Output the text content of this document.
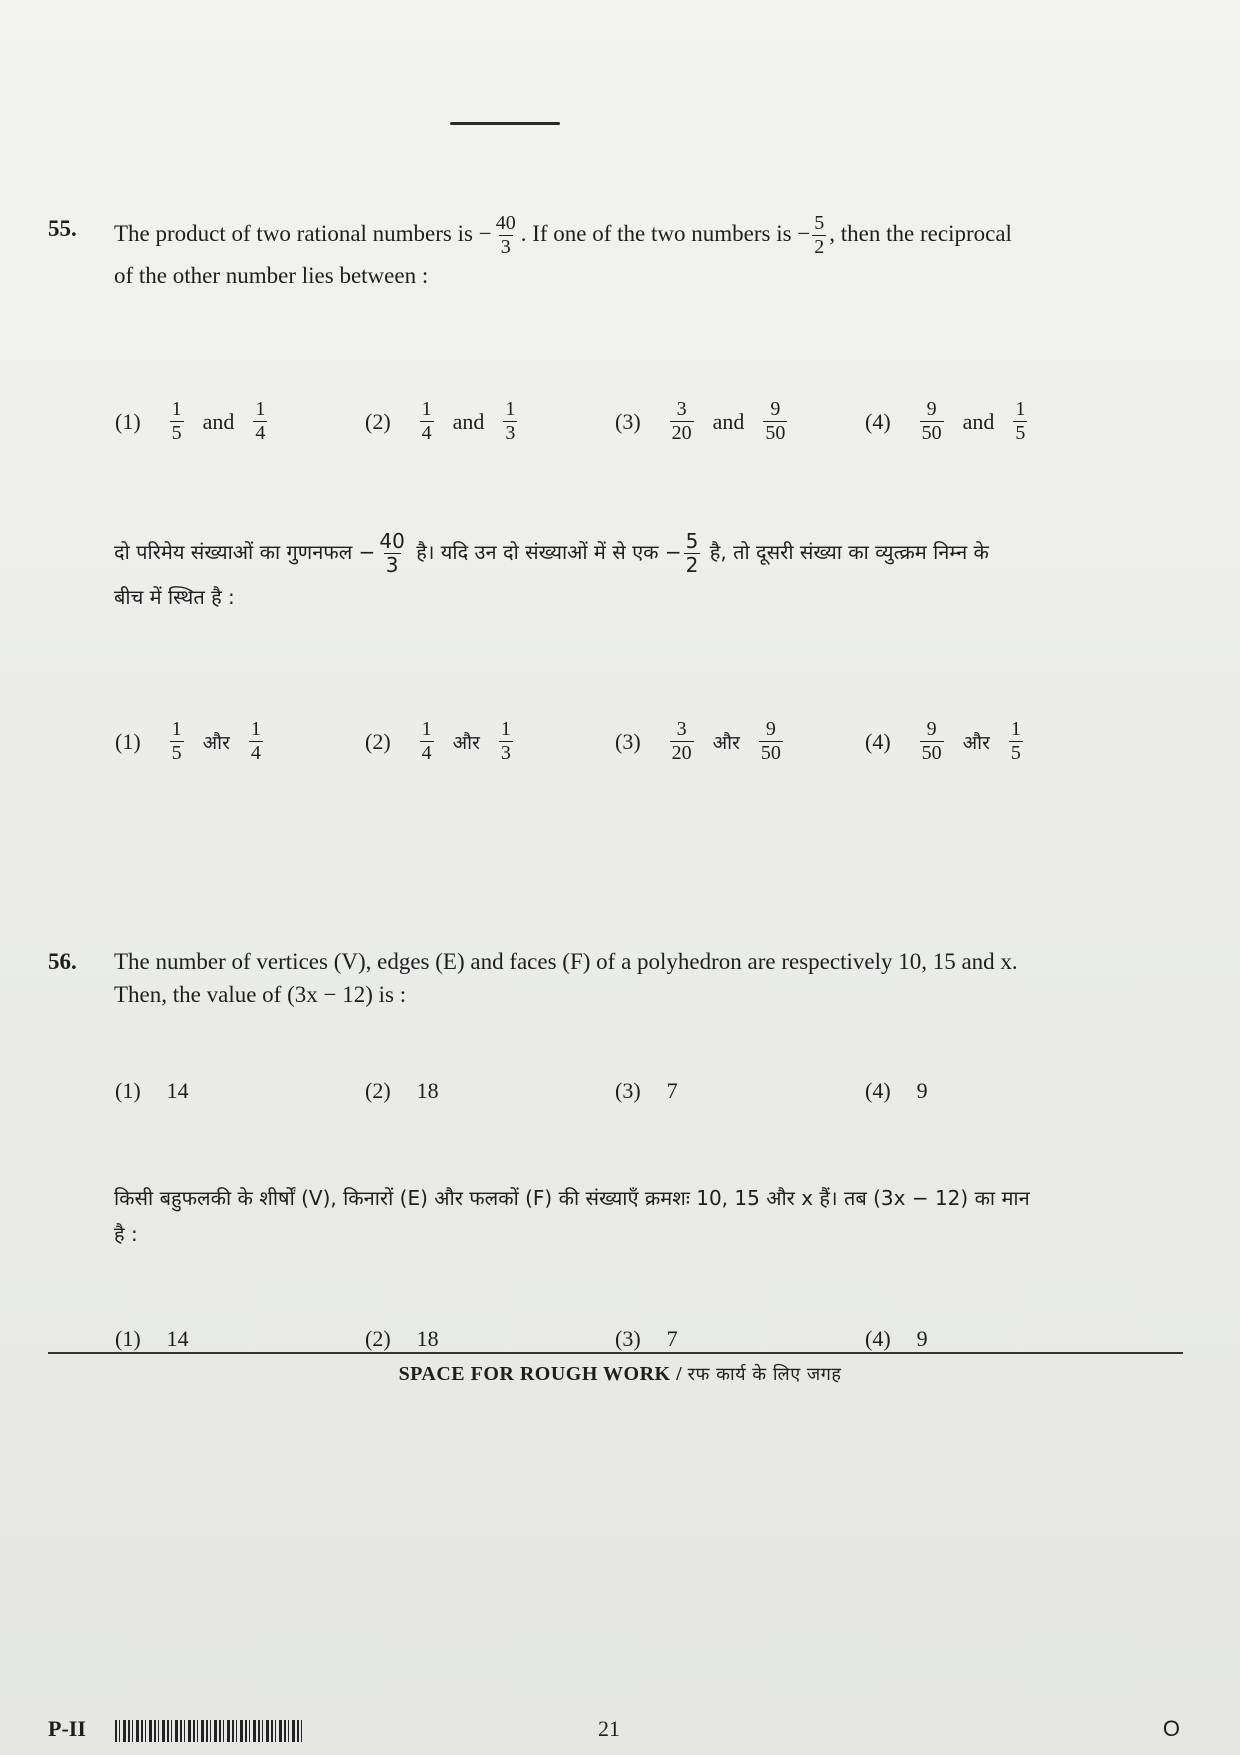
55.	The product of two rational numbers is − $\frac{40}{3}$ . If one of the two numbers is − $\frac{5}{2}$ , then the reciprocal
of the other number lies between :
$(1) \frac{1}{5}$ and $\frac{1}{4}$	$(2) \frac{1}{4}$ and $\frac{1}{3}$	$(3) \frac{3}{20}$ and $\frac{9}{50}$	$(4) \frac{9}{50}$ and $\frac{1}{5}$
दो परिमेय संख्याओं का गुणनफल − $\frac{40}{3}$ है। यदि उन दो संख्याओं में से एक − $\frac{5}{2}$ है, तो दूसरी संख्या का व्युत्क्रम निम्न के
बीच में स्थित है :
$(1) \frac{1}{5}$ और $\frac{1}{4}$	$(2) \frac{1}{4}$ और $\frac{1}{3}$	$(3) \frac{3}{20}$ और $\frac{9}{50}$	$(4) \frac{9}{50}$ और $\frac{1}{5}$
56.	The number of vertices (V), edges (E) and faces (F) of a polyhedron are respectively 10, 15 and x.
Then, the value of (3x − 12) is :
(1) 14	(2) 18	(3) 7	(4) 9
किसी बहुफलकी के शीर्षों (V), किनारों (E) और फलकों (F) की संख्याएँ क्रमशः 10, 15 और x हैं। तब (3x − 12) का मान
है :
(1) 14	(2) 18	(3) 7	(4) 9
SPACE FOR ROUGH WORK / रफ कार्य के लिए जगह
P-II	21	O
